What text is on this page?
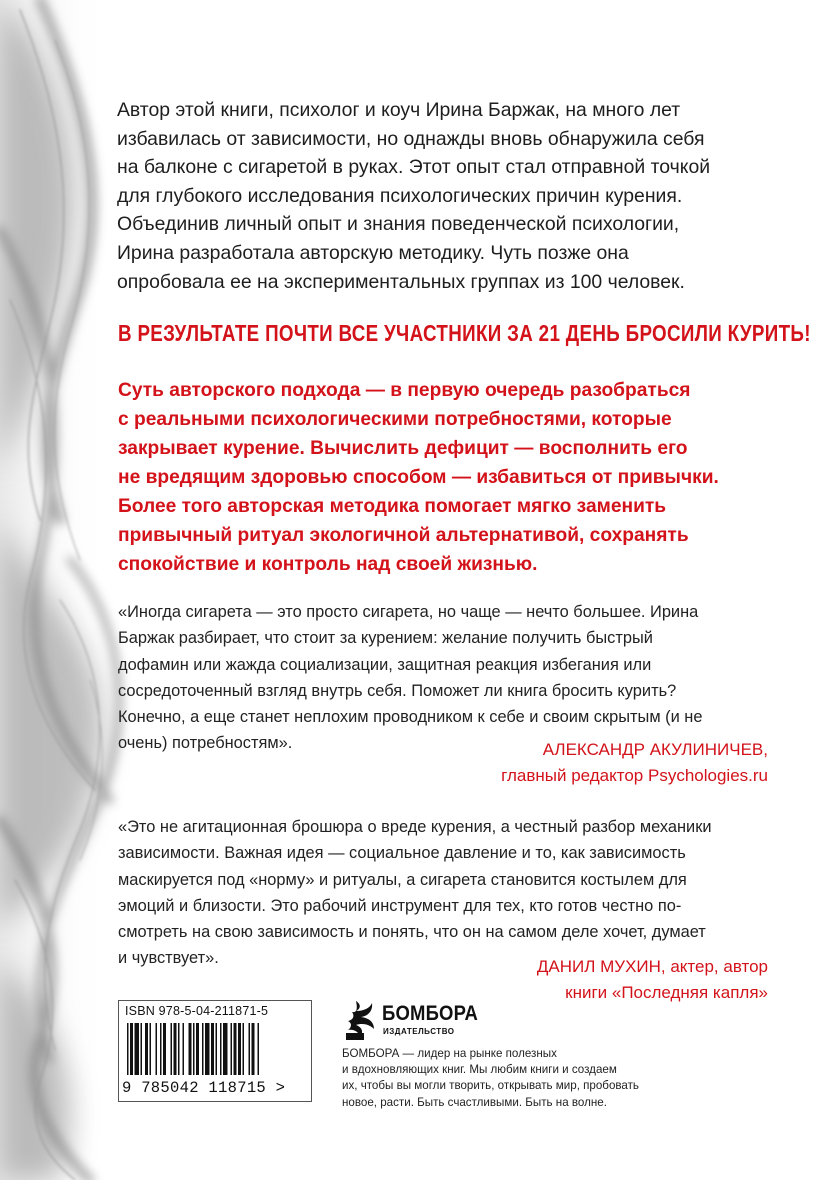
Автор этой книги, психолог и коуч Ирина Баржак, на много лет
избавилась от зависимости, но однажды вновь обнаружила себя
на балконе с сигаретой в руках. Этот опыт стал отправной точкой
для глубокого исследования психологических причин курения.
Объединив личный опыт и знания поведенческой психологии,
Ирина разработала авторскую методику. Чуть позже она
опробовала ее на экспериментальных группах из 100 человек.

В РЕЗУЛЬТАТЕ ПОЧТИ ВСЕ УЧАСТНИКИ ЗА 21 ДЕНЬ БРОСИЛИ КУРИТЬ!

Суть авторского подхода — в первую очередь разобраться
с реальными психологическими потребностями, которые
закрывает курение. Вычислить дефицит — восполнить его
не вредящим здоровью способом — избавиться от привычки.
Более того авторская методика помогает мягко заменить
привычный ритуал экологичной альтернативой, сохранять
спокойствие и контроль над своей жизнью.

«Иногда сигарета — это просто сигарета, но чаще — нечто большее. Ирина
Баржак разбирает, что стоит за курением: желание получить быстрый
дофамин или жажда социализации, защитная реакция избегания или
сосредоточенный взгляд внутрь себя. Поможет ли книга бросить курить?
Конечно, а еще станет неплохим проводником к себе и своим скрытым (и не
очень) потребностям».	АЛЕКСАНДР АКУЛИНИЧЕВ,
главный редактор Psychologies.ru

«Это не агитационная брошюра о вреде курения, а честный разбор механики
зависимости. Важная идея — социальное давление и то, как зависимость
маскируется под «норму» и ритуалы, а сигарета становится костылем для
эмоций и близости. Это рабочий инструмент для тех, кто готов честно по-
смотреть на свою зависимость и понять, что он на самом деле хочет, думает
и чувствует».	ДАНИЛ МУХИН, актер, автор
книги «Последняя капля»

ISBN 978-5-04-211871-5
9 785042 118715 >
БОМБОРА
ИЗДАТЕЛЬСТВО

БОМБОРА — лидер на рынке полезных
и вдохновляющих книг. Мы любим книги и создаем
их, чтобы вы могли творить, открывать мир, пробовать
новое, расти. Быть счастливыми. Быть на волне.
